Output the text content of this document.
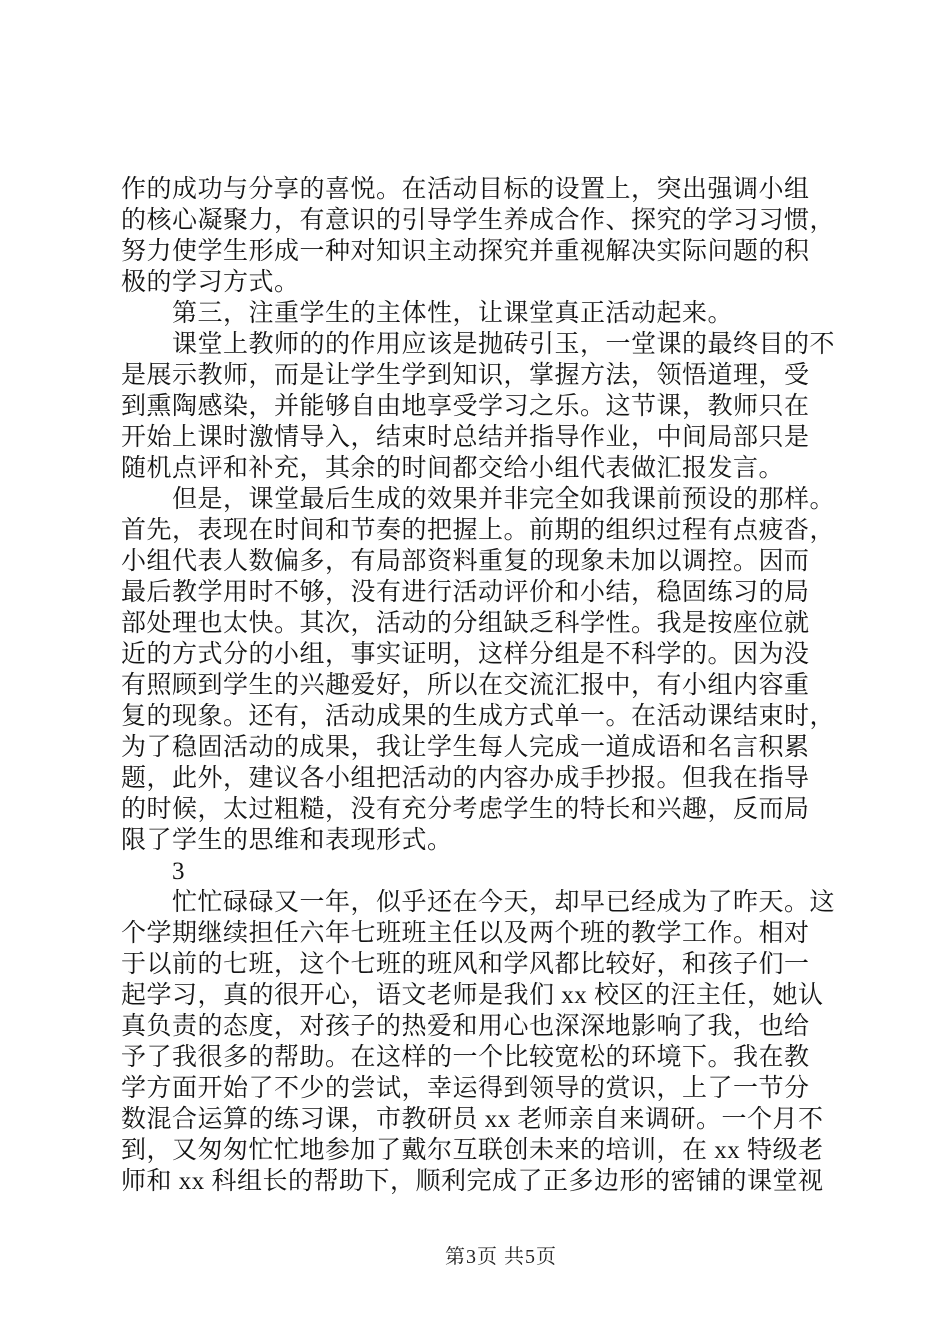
作的成功与分享的喜悦。在活动目标的设置上，突出强调小组
的核心凝聚力，有意识的引导学生养成合作、探究的学习习惯，
努力使学生形成一种对知识主动探究并重视解决实际问题的积
极的学习方式。
　　第三，注重学生的主体性，让课堂真正活动起来。
　　课堂上教师的的作用应该是抛砖引玉，一堂课的最终目的不
是展示教师，而是让学生学到知识，掌握方法，领悟道理，受
到熏陶感染，并能够自由地享受学习之乐。这节课，教师只在
开始上课时激情导入，结束时总结并指导作业，中间局部只是
随机点评和补充，其余的时间都交给小组代表做汇报发言。
　　但是，课堂最后生成的效果并非完全如我课前预设的那样。
首先，表现在时间和节奏的把握上。前期的组织过程有点疲沓，
小组代表人数偏多，有局部资料重复的现象未加以调控。因而
最后教学用时不够，没有进行活动评价和小结，稳固练习的局
部处理也太快。其次，活动的分组缺乏科学性。我是按座位就
近的方式分的小组，事实证明，这样分组是不科学的。因为没
有照顾到学生的兴趣爱好，所以在交流汇报中，有小组内容重
复的现象。还有，活动成果的生成方式单一。在活动课结束时，
为了稳固活动的成果，我让学生每人完成一道成语和名言积累
题，此外，建议各小组把活动的内容办成手抄报。但我在指导
的时候，太过粗糙，没有充分考虑学生的特长和兴趣，反而局
限了学生的思维和表现形式。
　　3
　　忙忙碌碌又一年，似乎还在今天，却早已经成为了昨天。这
个学期继续担任六年七班班主任以及两个班的教学工作。相对
于以前的七班，这个七班的班风和学风都比较好，和孩子们一
起学习，真的很开心，语文老师是我们 xx 校区的汪主任，她认
真负责的态度，对孩子的热爱和用心也深深地影响了我，也给
予了我很多的帮助。在这样的一个比较宽松的环境下。我在教
学方面开始了不少的尝试，幸运得到领导的赏识，上了一节分
数混合运算的练习课，市教研员 xx 老师亲自来调研。一个月不
到，又匆匆忙忙地参加了戴尔互联创未来的培训，在 xx 特级老
师和 xx 科组长的帮助下，顺利完成了正多边形的密铺的课堂视
第3页 共5页
